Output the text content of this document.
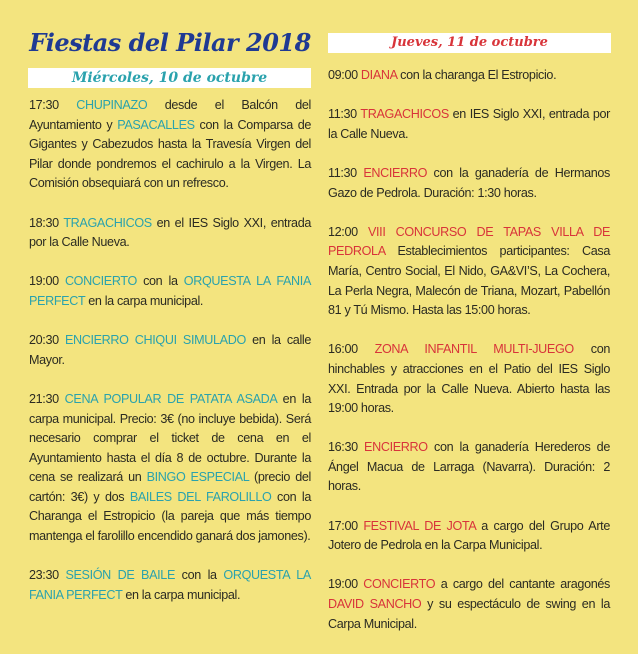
Fiestas del Pilar 2018
Miércoles, 10 de octubre
Jueves, 11 de octubre
17:30 CHUPINAZO desde el Balcón del Ayuntamiento y PASACALLES con la Comparsa de Gigantes y Cabezudos hasta la Travesía Virgen del Pilar donde pondremos el cachirulo a la Virgen. La Comisión obsequiará con un refresco.
18:30 TRAGACHICOS en el IES Siglo XXI, entrada por la Calle Nueva.
19:00 CONCIERTO con la ORQUESTA LA FANIA PERFECT en la carpa municipal.
20:30 ENCIERRO CHIQUI SIMULADO en la calle Mayor.
21:30 CENA POPULAR DE PATATA ASADA en la carpa municipal. Precio: 3€ (no incluye bebida). Será necesario comprar el ticket de cena en el Ayuntamiento hasta el día 8 de octubre. Durante la cena se realizará un BINGO ESPECIAL (precio del cartón: 3€) y dos BAILES DEL FAROLILLO con la Charanga el Estropicio (la pareja que más tiempo mantenga el farolillo encendido ganará dos jamones).
23:30 SESIÓN DE BAILE con la ORQUESTA LA FANIA PERFECT en la carpa municipal.
09:00 DIANA con la charanga El Estropicio.
11:30 TRAGACHICOS en IES Siglo XXI, entrada por la Calle Nueva.
11:30 ENCIERRO con la ganadería de Hermanos Gazo de Pedrola. Duración: 1:30 horas.
12:00 VIII CONCURSO DE TAPAS VILLA DE PEDROLA Establecimientos participantes: Casa María, Centro Social, El Nido, GA&VI’S, La Cochera, La Perla Negra, Malecón de Triana, Mozart, Pabellón 81 y Tú Mismo. Hasta las 15:00 horas.
16:00 ZONA INFANTIL MULTI-JUEGO con hinchables y atracciones en el Patio del IES Siglo XXI. Entrada por la Calle Nueva. Abierto hasta las 19:00 horas.
16:30 ENCIERRO con la ganadería Herederos de Ángel Macua de Larraga (Navarra). Duración: 2 horas.
17:00 FESTIVAL DE JOTA a cargo del Grupo Arte Jotero de Pedrola en la Carpa Municipal.
19:00 CONCIERTO a cargo del cantante aragonés DAVID SANCHO y su espectáculo de swing en la Carpa Municipal.
